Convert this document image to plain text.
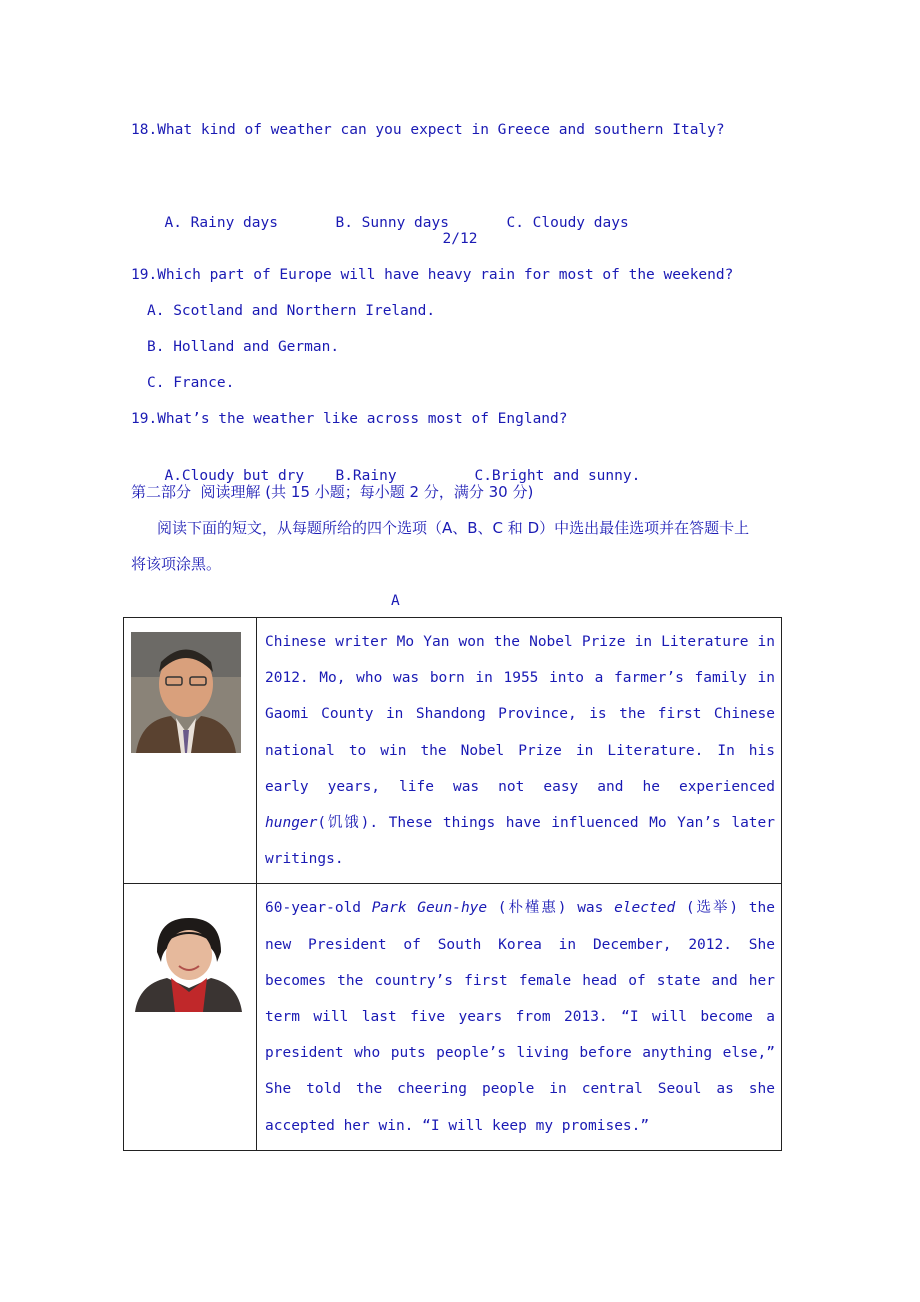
18.What kind of weather can you expect in Greece and southern Italy?

A. Rainy days	B. Sunny days	C. Cloudy days

2/12
19.Which part of Europe will have heavy rain for most of the weekend?
A. Scotland and Northern Ireland.
B. Holland and German.
C. France.
19.What’s the weather like across most of England?

A.Cloudy but dry B.Rainy	C.Bright and sunny.

第二部分  阅读理解 (共 15 小题；每小题 2 分，满分 30 分)
阅读下面的短文，从每题所给的四个选项（A、B、C 和 D）中选出最佳选项并在答题卡上
将该项涂黑。
A

Chinese writer Mo Yan won the Nobel Prize in Literature in 2012. Mo, who was born in 1955 into a farmer’s family in Gaomi County in Shandong Province, is the first Chinese national to win the Nobel Prize in Literature. In his early years, life was not easy and he experienced hunger(饥饿). These things have influenced Mo Yan’s later writings.

60-year-old Park Geun-hye (朴槿惠) was elected (选举) the new President of South Korea in December, 2012. She becomes the country’s first female head of state and her term will last five years from 2013. “I will become a president who puts people’s living before anything else,” She told the cheering people in central Seoul as she accepted her win. “I will keep my promises.”
